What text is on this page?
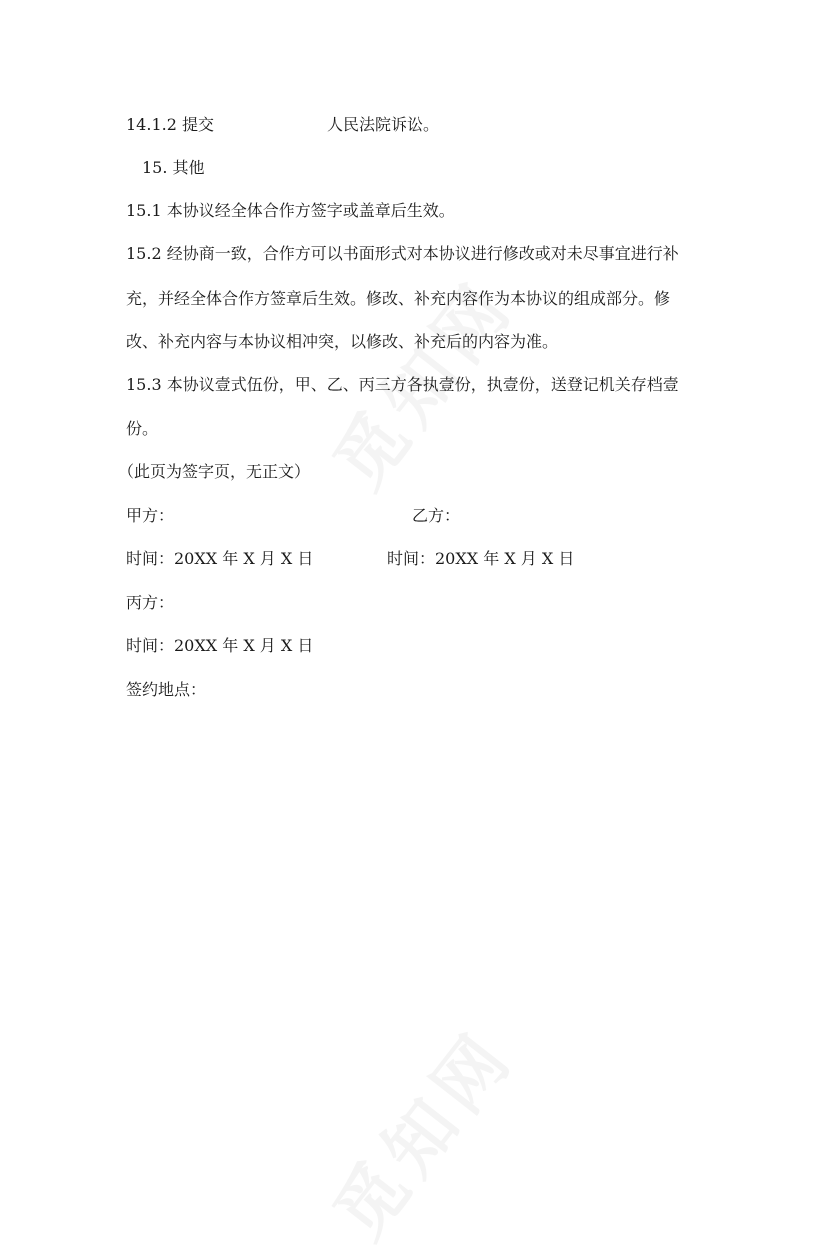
14.1.2 提交	人民法院诉讼。
15. 其他
15.1 本协议经全体合作方签字或盖章后生效。
15.2 经协商一致，合作方可以书面形式对本协议进行修改或对未尽事宜进行补
充，并经全体合作方签章后生效。修改、补充内容作为本协议的组成部分。修
改、补充内容与本协议相冲突，以修改、补充后的内容为准。
15.3 本协议壹式伍份，甲、乙、丙三方各执壹份，执壹份，送登记机关存档壹
份。
（此页为签字页，无正文）
甲方：	乙方：
时间：20XX 年 X 月 X 日	时间：20XX 年 X 月 X 日
丙方：
时间：20XX 年 X 月 X 日
签约地点：
